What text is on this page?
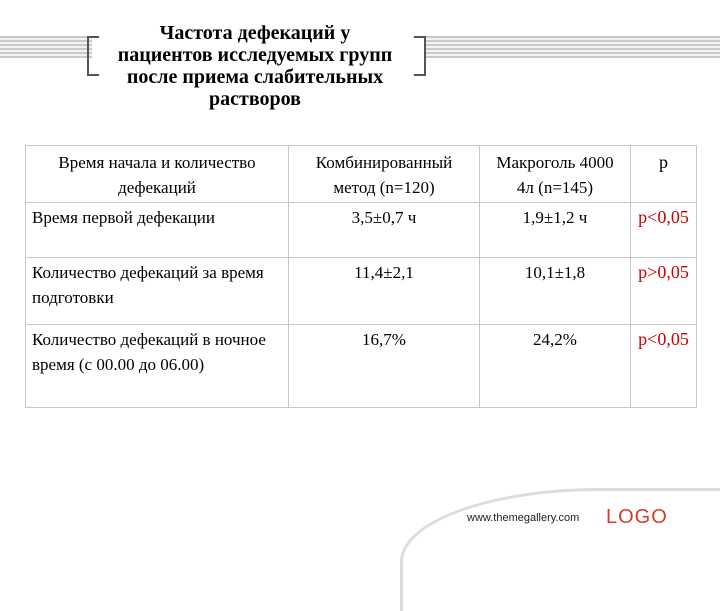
Частота дефекаций у
пациентов исследуемых групп
после приема слабительных
растворов
Время начала и количество дефекаций	Комбинированный метод (n=120)	Макроголь 4000 4л (n=145)	p
Время первой дефекации	3,5±0,7 ч	1,9±1,2 ч	p<0,05
Количество дефекаций за время подготовки	11,4±2,1	10,1±1,8	p>0,05
Количество дефекаций в ночное время (с 00.00 до 06.00)	16,7%	24,2%	p<0,05
www.themegallery.com LOGO
